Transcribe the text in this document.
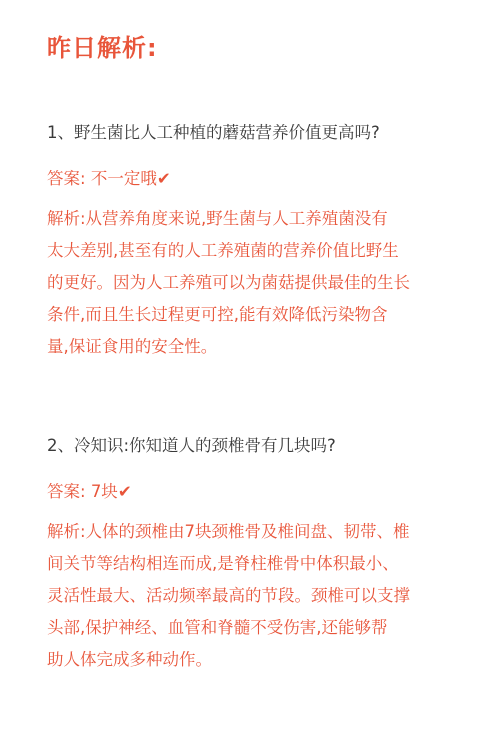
昨日解析:
1、野生菌比人工种植的蘑菇营养价值更高吗?
答案: 不一定哦✔
解析:从营养角度来说,野生菌与人工养殖菌没有
太大差别,甚至有的人工养殖菌的营养价值比野生
的更好。因为人工养殖可以为菌菇提供最佳的生长
条件,而且生长过程更可控,能有效降低污染物含
量,保证食用的安全性。
2、冷知识:你知道人的颈椎骨有几块吗?
答案: 7块✔
解析:人体的颈椎由7块颈椎骨及椎间盘、韧带、椎
间关节等结构相连而成,是脊柱椎骨中体积最小、
灵活性最大、活动频率最高的节段。颈椎可以支撑
头部,保护神经、血管和脊髓不受伤害,还能够帮
助人体完成多种动作。
